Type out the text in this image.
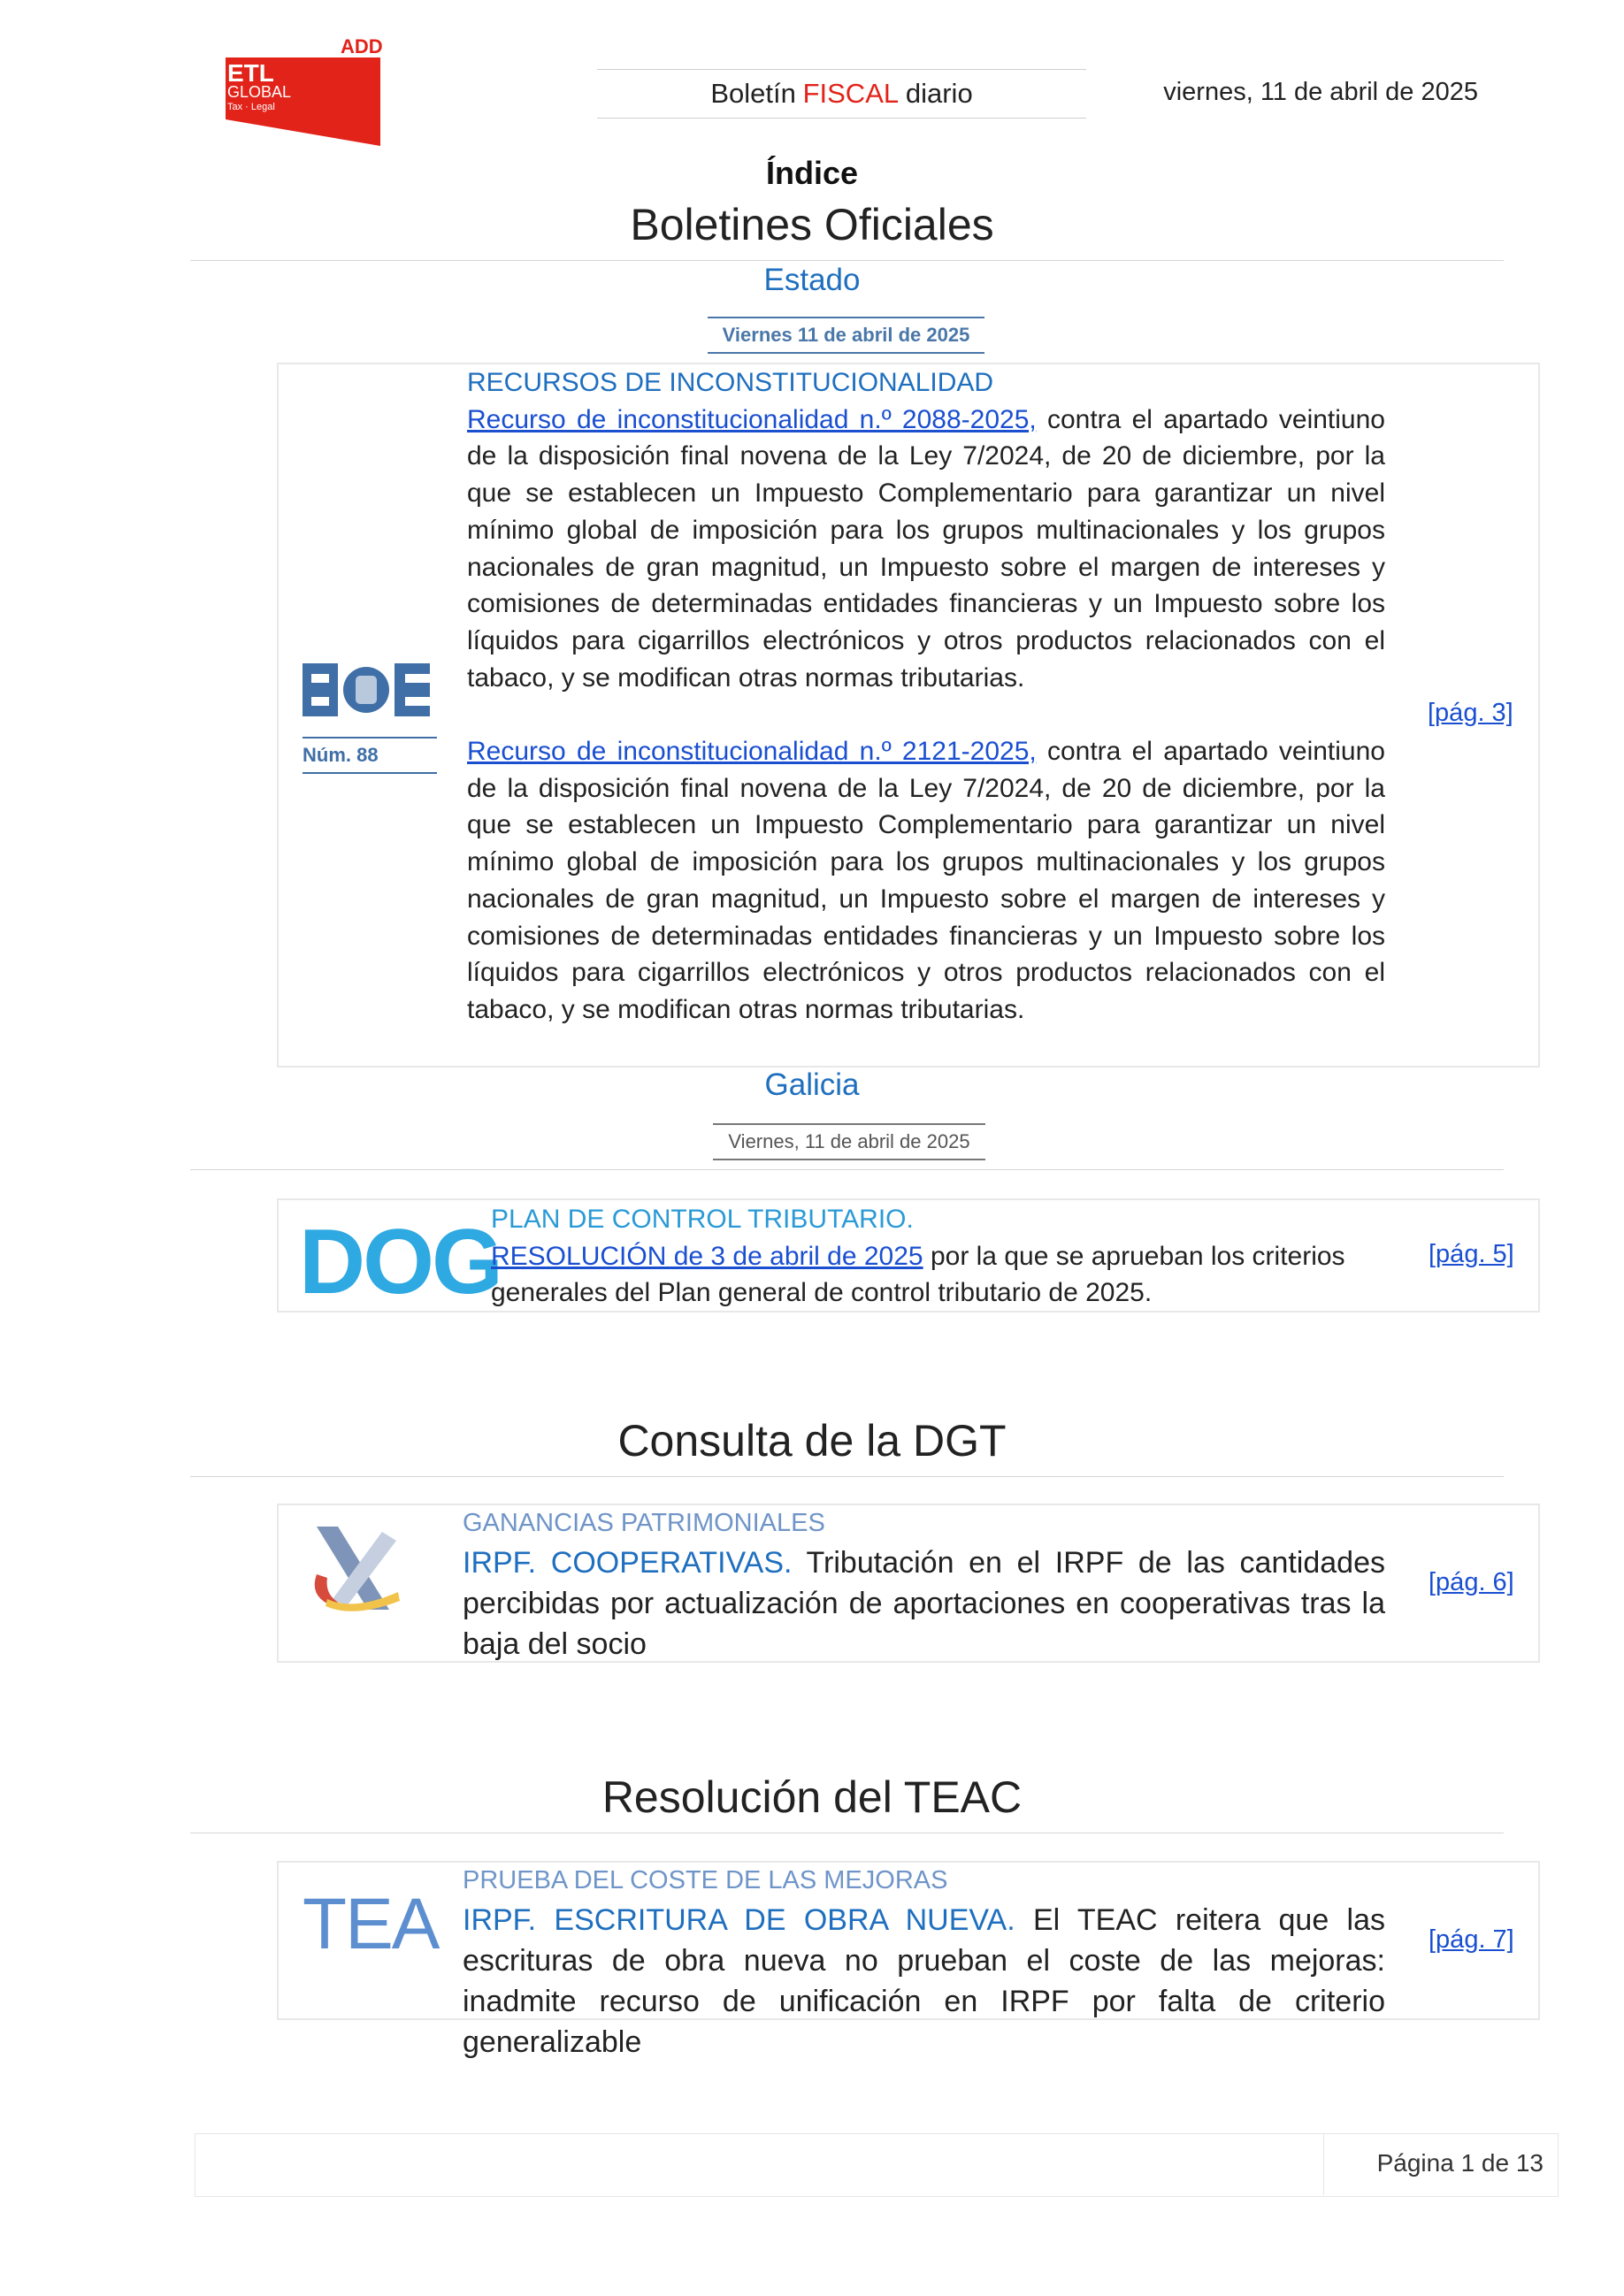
ADD
ETL
GLOBAL
Tax · Legal	Boletín FISCAL diario	viernes, 11 de abril de 2025
Índice
Boletines Oficiales
Estado
Viernes 11 de abril de 2025
Núm. 88
RECURSOS DE INCONSTITUCIONALIDAD
Recurso de inconstitucionalidad n.º 2088-2025, contra el apartado veintiuno de la disposición final novena de la Ley 7/2024, de 20 de diciembre, por la que se establecen un Impuesto Complementario para garantizar un nivel mínimo global de imposición para los grupos multinacionales y los grupos nacionales de gran magnitud, un Impuesto sobre el margen de intereses y comisiones de determinadas entidades financieras y un Impuesto sobre los líquidos para cigarrillos electrónicos y otros productos relacionados con el tabaco, y se modifican otras normas tributarias.
Recurso de inconstitucionalidad n.º 2121-2025, contra el apartado veintiuno de la disposición final novena de la Ley 7/2024, de 20 de diciembre, por la que se establecen un Impuesto Complementario para garantizar un nivel mínimo global de imposición para los grupos multinacionales y los grupos nacionales de gran magnitud, un Impuesto sobre el margen de intereses y comisiones de determinadas entidades financieras y un Impuesto sobre los líquidos para cigarrillos electrónicos y otros productos relacionados con el tabaco, y se modifican otras normas tributarias.
[pág. 3]
Galicia
Viernes, 11 de abril de 2025
DOG
PLAN DE CONTROL TRIBUTARIO.
RESOLUCIÓN de 3 de abril de 2025 por la que se aprueban los criterios generales del Plan general de control tributario de 2025.
[pág. 5]
Consulta de la DGT
GANANCIAS PATRIMONIALES
IRPF. COOPERATIVAS. Tributación en el IRPF de las cantidades percibidas por actualización de aportaciones en cooperativas tras la baja del socio
[pág. 6]
Resolución del TEAC
TEA
PRUEBA DEL COSTE DE LAS MEJORAS
IRPF. ESCRITURA DE OBRA NUEVA. El TEAC reitera que las escrituras de obra nueva no prueban el coste de las mejoras: inadmite recurso de unificación en IRPF por falta de criterio generalizable
[pág. 7]
Página 1 de 13
